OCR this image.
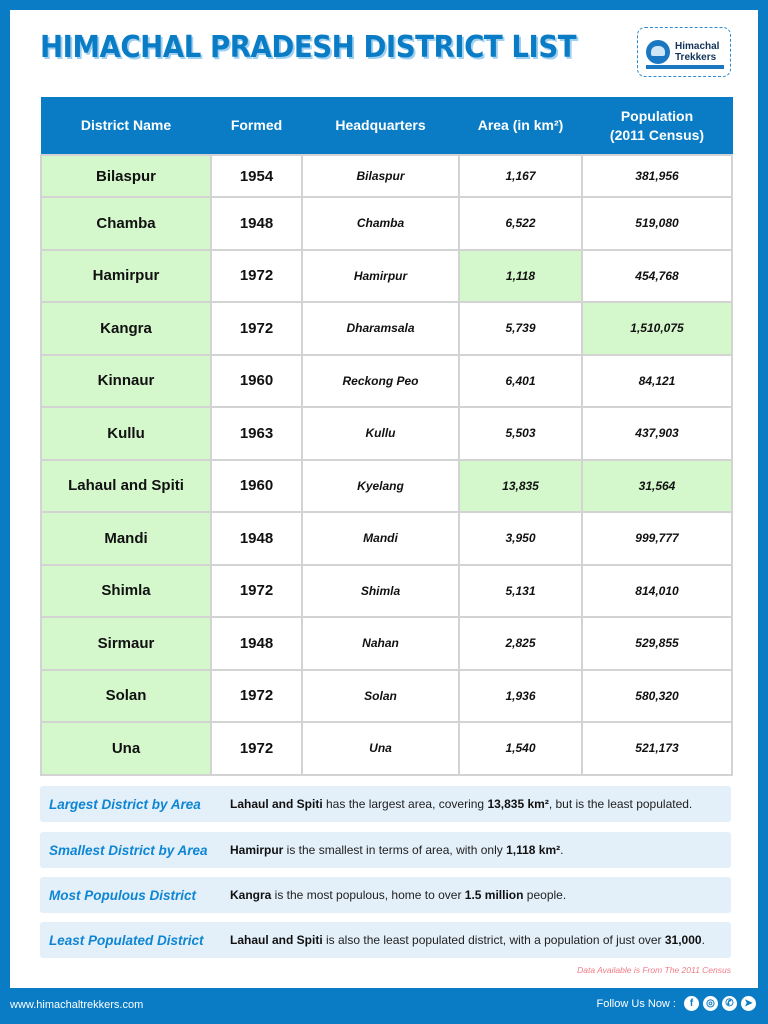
HIMACHAL PRADESH DISTRICT LIST	Himachal
Trekkers
District Name	Formed	Headquarters	Area (in km²)	Population
(2011 Census)

Bilaspur	1954	Bilaspur	1,167	381,956
Chamba	1948	Chamba	6,522	519,080
Hamirpur	1972	Hamirpur	1,118	454,768
Kangra	1972	Dharamsala	5,739	1,510,075
Kinnaur	1960	Reckong Peo	6,401	84,121
Kullu	1963	Kullu	5,503	437,903
Lahaul and Spiti	1960	Kyelang	13,835	31,564
Mandi	1948	Mandi	3,950	999,777
Shimla	1972	Shimla	5,131	814,010
Sirmaur	1948	Nahan	2,825	529,855
Solan	1972	Solan	1,936	580,320
Una	1972	Una	1,540	521,173
Largest District by Area	Lahaul and Spiti has the largest area, covering 13,835 km², but is the least populated.
Smallest District by Area	Hamirpur is the smallest in terms of area, with only 1,118 km².
Most Populous District	Kangra is the most populous, home to over 1.5 million people.
Least Populated District	Lahaul and Spiti is also the least populated district, with a population of just over 31,000.
Data Available is From The 2011 Census
www.himachaltrekkers.com	Follow Us Now :	f	◎	✆	➤
